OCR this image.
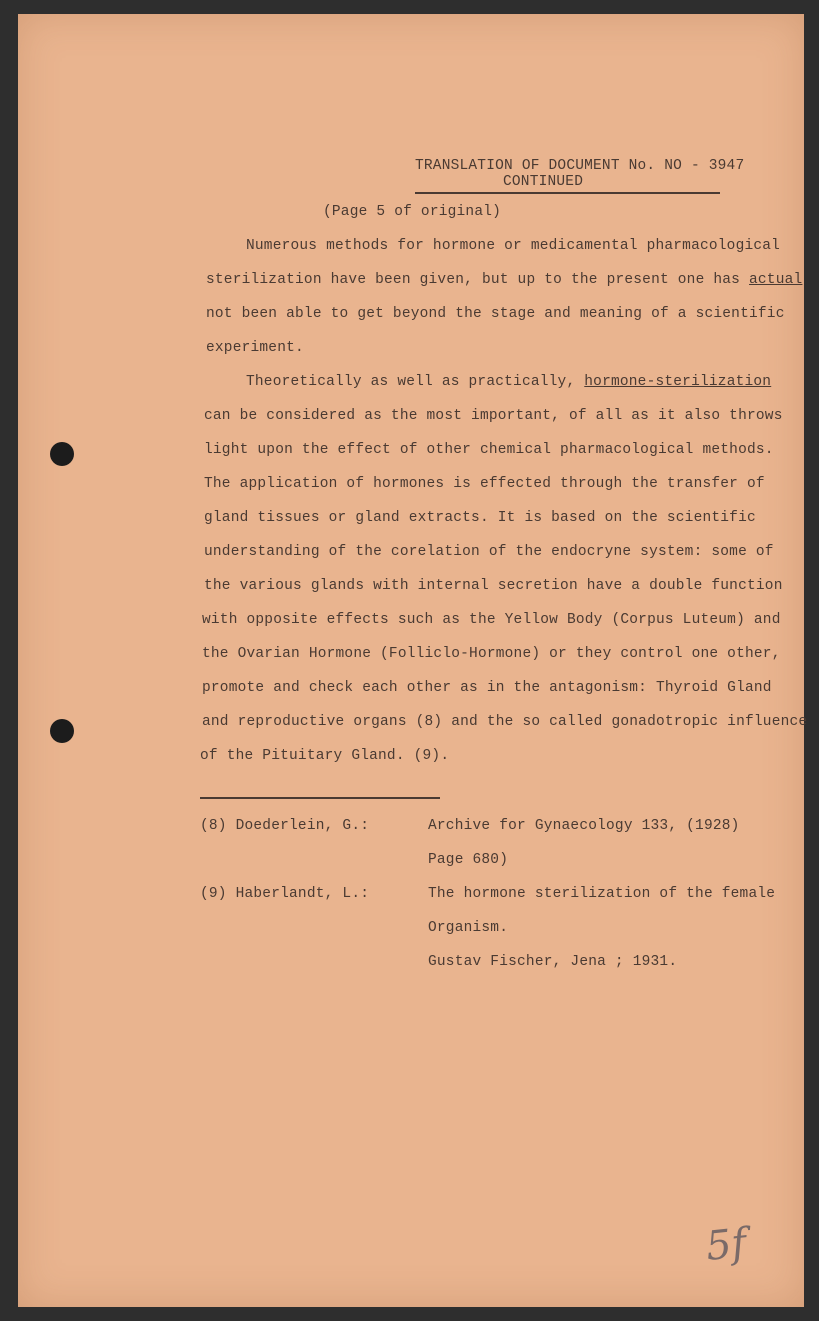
TRANSLATION OF DOCUMENT No. NO - 3947

CONTINUED

(Page 5 of original)

Numerous methods for hormone or medicamental pharmacological

sterilization have been given, but up to the present one has actual

not been able to get beyond the stage and meaning of a scientific

experiment.

Theoretically as well as practically, hormone-sterilization

can be considered as the most important, of all as it also throws

light upon the effect of other chemical pharmacological methods.

The application of hormones is effected through the transfer of

gland tissues or gland extracts. It is based on the scientific

understanding of the corelation of the endocryne system: some of

the various glands with internal secretion have a double function

with opposite effects such as the Yellow Body (Corpus Luteum) and

the Ovarian Hormone (Folliclo-Hormone) or they control one other,

promote and check each other as in the antagonism: Thyroid Gland

and reproductive organs (8) and the so called gonadotropic influence

of the Pituitary Gland. (9).

(8) Doederlein, G.:	Archive for Gynaecology 133, (1928)

Page 680)

(9) Haberlandt, L.:	The hormone sterilization of the female

Organism.

Gustav Fischer, Jena ; 1931.

5f
